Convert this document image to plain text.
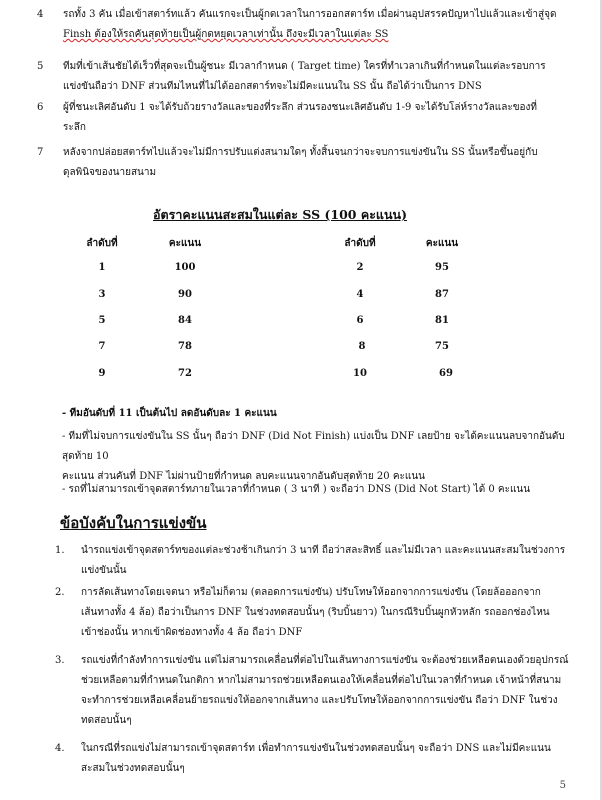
4	รถทั้ง 3 คัน เมื่อเข้าสตาร์ทแล้ว คันแรกจะเป็นผู้กดเวลาในการออกสตาร์ท เมื่อผ่านอุปสรรคปัญหาไปแล้วและเข้าสู่จุด
Finsh ต้องให้รถคันสุดท้ายเป็นผู้กดหยุดเวลาเท่านั้น ถึงจะมีเวลาในแต่ละ SS
5	ทีมที่เข้าเส้นชัยได้เร็วที่สุดจะเป็นผู้ชนะ มีเวลากำหนด ( Target time) ใครที่ทำเวลาเกินที่กำหนดในแต่ละรอบการ
แข่งขันถือว่า DNF ส่วนทีมไหนที่ไม่ได้ออกสตาร์ทจะไม่มีคะแนนใน SS นั้น ถือได้ว่าเป็นการ DNS
6	ผู้ที่ชนะเลิศอันดับ 1 จะได้รับถ้วยรางวัลและของที่ระลึก ส่วนรองชนะเลิศอันดับ 1-9 จะได้รับโล่ห์รางวัลและของที่
ระลึก
7	หลังจากปล่อยสตาร์ทไปแล้วจะไม่มีการปรับแต่งสนามใดๆ ทั้งสิ้นจนกว่าจะจบการแข่งขันใน SS นั้นหรือขึ้นอยู่กับ
ดุลพินิจของนายสนาม
อัตราคะแนนสะสมในแต่ละ SS (100 คะแนน)
ลำดับที่	คะแนน	ลำดับที่	คะแนน
1	100	2	95
3	90	4	87
5	84	6	81
7	78	8	75
9	72	10	69
- ทีมอันดับที่ 11 เป็นต้นไป ลดอันดับละ 1 คะแนน
- ทีมที่ไม่จบการแข่งขันใน SS นั้นๆ ถือว่า DNF (Did Not Finish) แบ่งเป็น DNF เลยป้าย จะได้คะแนนลบจากอันดับสุดท้าย 10
คะแนน ส่วนคันที่ DNF ไม่ผ่านป้ายที่กำหนด ลบคะแนนจากอันดับสุดท้าย 20 คะแนน
- รถที่ไม่สามารถเข้าจุดสตาร์ทภายในเวลาที่กำหนด ( 3 นาที ) จะถือว่า DNS (Did Not Start) ได้ 0 คะแนน
ข้อบังคับในการแข่งขัน
1.	นำรถแข่งเข้าจุดสตาร์ทของแต่ละช่วงช้าเกินกว่า 3 นาที ถือว่าสละสิทธิ์ และไม่มีเวลา และคะแนนสะสมในช่วงการ
แข่งขันนั้น
2.	การลัดเส้นทางโดยเจตนา หรือไม่ก็ตาม (ตลอดการแข่งขัน) ปรับโทษให้ออกจากการแข่งขัน (โดยล้อออกจาก
เส้นทางทั้ง 4 ล้อ) ถือว่าเป็นการ DNF ในช่วงทดสอบนั้นๆ (ริบบิ้นยาว) ในกรณีริบบิ้นผูกหัวหลัก รถออกช่องไหน
เข้าช่องนั้น หากเข้าผิดช่องทางทั้ง 4 ล้อ ถือว่า DNF
3.	รถแข่งที่กำลังทำการแข่งขัน แต่ไม่สามารถเคลื่อนที่ต่อไปในเส้นทางการแข่งขัน จะต้องช่วยเหลือตนเองด้วยอุปกรณ์
ช่วยเหลือตามที่กำหนดในกติกา หากไม่สามารถช่วยเหลือตนเองให้เคลื่อนที่ต่อไปในเวลาที่กำหนด เจ้าหน้าที่สนาม
จะทำการช่วยเหลือเคลื่อนย้ายรถแข่งให้ออกจากเส้นทาง และปรับโทษให้ออกจากการแข่งขัน ถือว่า DNF ในช่วง
ทดสอบนั้นๆ
4.	ในกรณีที่รถแข่งไม่สามารถเข้าจุดสตาร์ท เพื่อทำการแข่งขันในช่วงทดสอบนั้นๆ จะถือว่า DNS และไม่มีคะแนน
สะสมในช่วงทดสอบนั้นๆ
5
